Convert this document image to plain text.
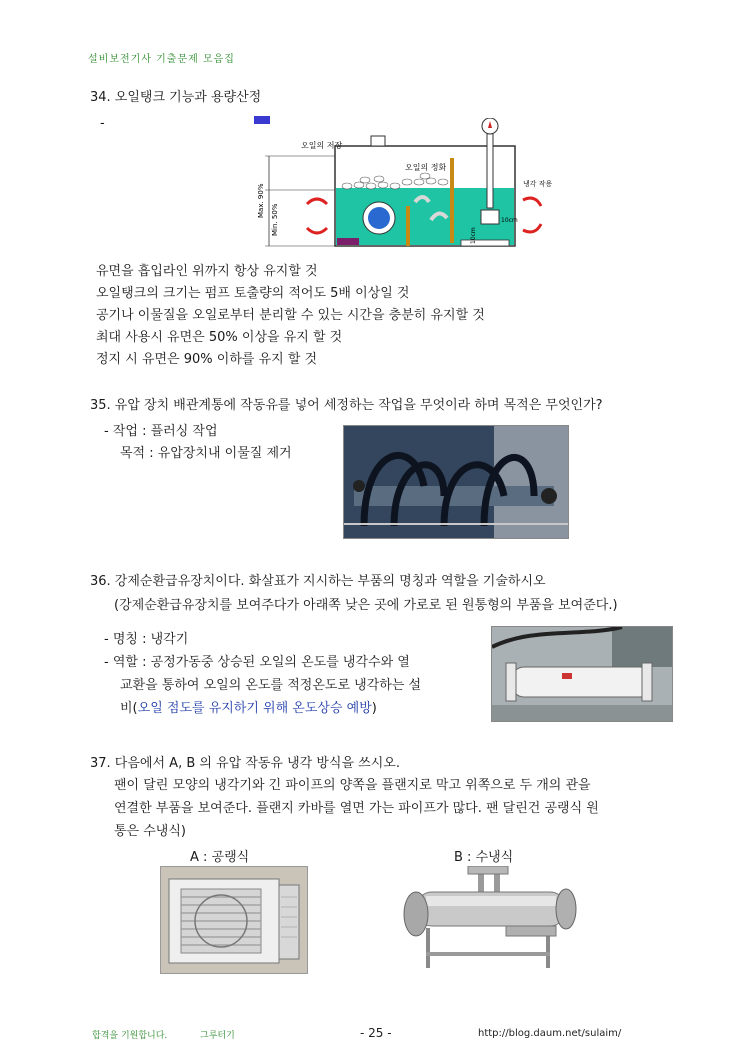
설비보전기사 기출문제 모음집
34. 오일탱크 기능과 용량산정
-
Max. 90%
Min. 50%
오일의 저장
오일의 정화
냉각 작용
10cm
10cm
유면을 흡입라인 위까지 항상 유지할 것
오일탱크의 크기는 펌프 토출량의 적어도 5배 이상일 것
공기나 이물질을 오일로부터 분리할 수 있는 시간을 충분히 유지할 것
최대 사용시 유면은 50% 이상을 유지 할 것
정지 시 유면은 90% 이하를 유지 할 것
35. 유압 장치 배관계통에 작동유를 넣어 세정하는 작업을 무엇이라 하며 목적은 무엇인가?
- 작업 : 플러싱 작업
목적 : 유압장치내 이물질 제거
36. 강제순환급유장치이다. 화살표가 지시하는 부품의 명칭과 역할을 기술하시오
(강제순환급유장치를 보여주다가 아래쪽 낮은 곳에 가로로 된 원통형의 부품을 보여준다.)
- 명칭 : 냉각기
- 역할 : 공정가동중 상승된 오일의 온도를 냉각수와 열
교환을 통하여 오일의 온도를 적정온도로 냉각하는 설
비(오일 점도를 유지하기 위해 온도상승 예방)
37. 다음에서 A, B 의 유압 작동유 냉각 방식을 쓰시오.
팬이 달린 모양의 냉각기와 긴 파이프의 양쪽을 플랜지로 막고 위쪽으로 두 개의 관을
연결한 부품을 보여준다. 플랜지 카바를 열면 가는 파이프가 많다. 팬 달린건 공랭식 원
통은 수냉식)
A : 공랭식	B : 수냉식
합격을 기원합니다.	그루터기	- 25 -	http://blog.daum.net/sulaim/
